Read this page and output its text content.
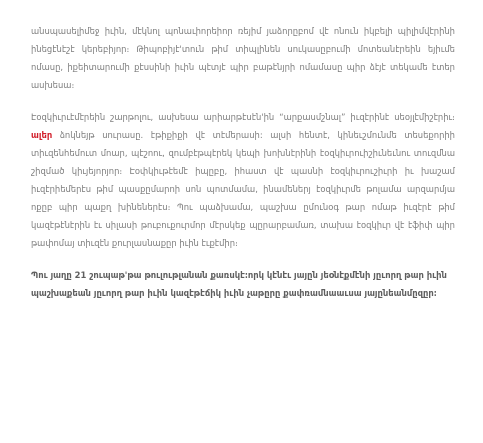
անսպասելիմեջ իւին, մէկնոլ պոնաւիորեիոր ռեյիմ յաձորըբոմ վէ ոնուն իկբելի պիլիմվէրինի ինեցէնէշէ կերեբիյոր։ Թիպոբիյէ'տուն թիմ տիպլինեն սուկասըբումի մոտեանէրեին եյիւմե ոմասը, իքեիտարումի քէսսինի իւին պէտյէ պիր բաթէնյրի ոմամասը պիր ձէյէ տեկամե էտեր ասխեսա։

Էօզկիւրւէմէրեին շարթոլու, ասխեսա արիարթէսէն'ին “արքասմշնալ” իւզէրինէ սեօյլէմիշէրիւ։ ալեր ձոկնեյթ սուրասը. էթիքիքի վէ տէմերասի: ալսի հենտէ, կինեւշմունմե տեսեքորիի տիւզենհեմուտ մոար, պէշոու, զումբէթպէրեկ կեպի խոխնէրինի էօզկիւրուիշիւնեւնու տուզմնա շիզմած կիւյեյորյոր։ Էօփկիւթէեմէ իպըբը, իհաստ վէ պասնի էօզկիւրուշիւրի իւ խաշամ իւզէրիեմերէս թիմ պասքըմարոի սոն պոտմամա, ինամեներյ էօզկիւրմե թոլամա արզարմյա ոքըբ պիր պաքղ խինեներէս։ Պու պաձխամա, պաշխա ըմունօգ թար ոմաթ իւզէրէ թիմ կազէթէնէրին էւ սիլասի թուբուքուրմոր մէրսկեք պըրարբամառ, տախա էօզկիւր վէ էֆիփ պիր թափոմայ տիւզէն քուրլասնաքըր իւին էւքէմիր։

Պու յաղը 21 շուպաթ'թա թուլութլանան քառսկէ։որկ կէնէւ յայըն յեօնէքմէնի յըւորղ թար իւին պաշխաքեան յըւորղ թար իւին կազէթէճիկ իւին չաթըրը քափռամնաաւսա յայընեանմըզըր։
